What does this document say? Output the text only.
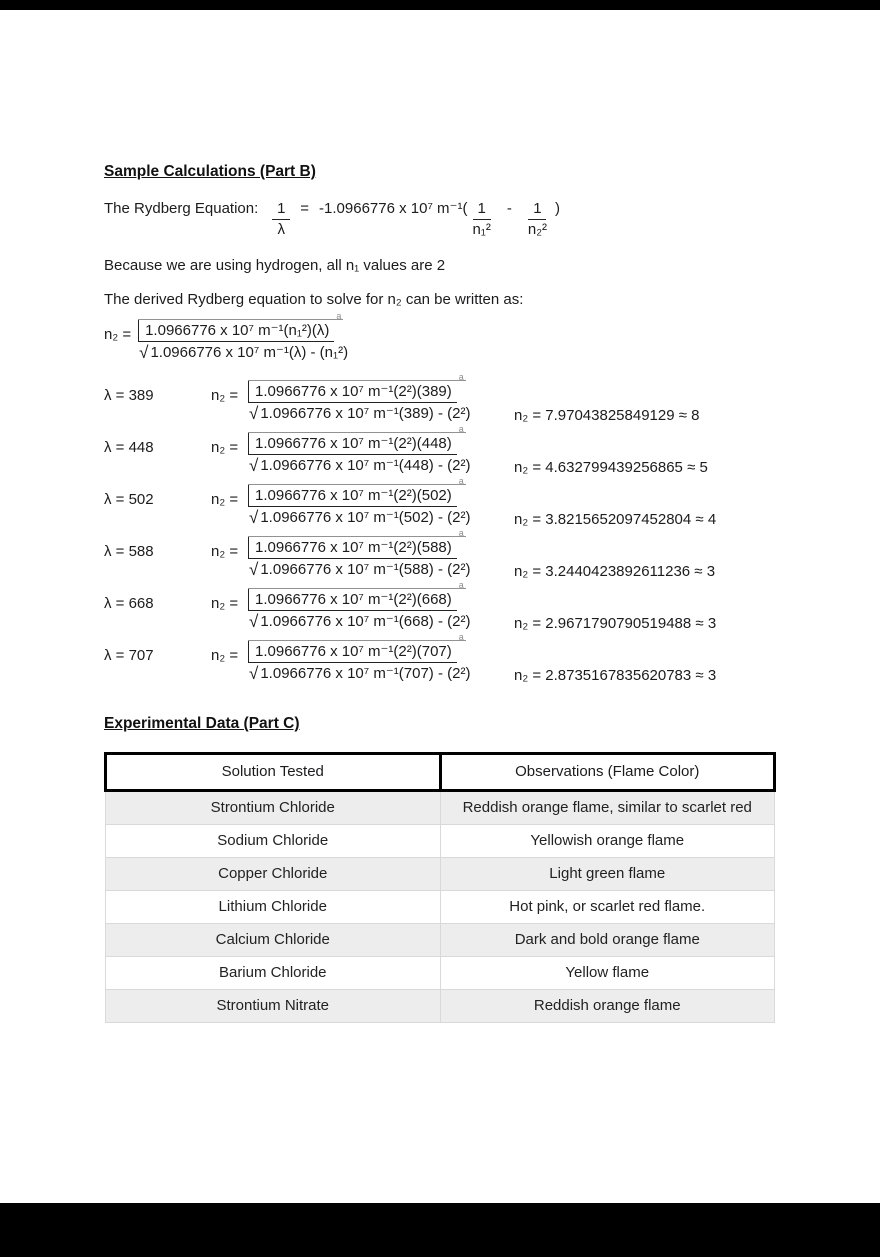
Sample Calculations (Part B)
The Rydberg Equation: $\frac{1}{\lambda} = -1.0966776$ x 10⁷ $m^{-1}( \frac{1}{\text{n₁²}} - \frac{1}{\text{n₂²}}$ )
Because we are using hydrogen, all n₁ values are 2
The derived Rydberg equation to solve for n₂ can be written as:
n₂ = 1.0966776 x 10⁷ m⁻¹(n₁²)(λ)
a
√ 1.0966776 x 10⁷ m⁻¹(λ) - (n₁²)
λ = 389	n₂ =	1.0966776 x 10⁷ m⁻¹(2²)(389)
a
√ 1.0966776 x 10⁷ m⁻¹(389) - (2²)	n₂ = 7.97043825849129 ≈ 8
λ = 448	n₂ =	1.0966776 x 10⁷ m⁻¹(2²)(448)
a
√ 1.0966776 x 10⁷ m⁻¹(448) - (2²)	n₂ = 4.632799439256865 ≈ 5
λ = 502	n₂ =	1.0966776 x 10⁷ m⁻¹(2²)(502)
a
√ 1.0966776 x 10⁷ m⁻¹(502) - (2²)	n₂ = 3.8215652097452804 ≈ 4
λ = 588	n₂ =	1.0966776 x 10⁷ m⁻¹(2²)(588)
a
√ 1.0966776 x 10⁷ m⁻¹(588) - (2²)	n₂ = 3.2440423892611236 ≈ 3
λ = 668	n₂ =	1.0966776 x 10⁷ m⁻¹(2²)(668)
a
√ 1.0966776 x 10⁷ m⁻¹(668) - (2²)	n₂ = 2.9671790790519488 ≈ 3
λ = 707	n₂ =	1.0966776 x 10⁷ m⁻¹(2²)(707)
a
√ 1.0966776 x 10⁷ m⁻¹(707) - (2²)	n₂ = 2.8735167835620783 ≈ 3
Experimental Data (Part C)
Solution Tested	Observations (Flame Color)
Strontium Chloride	Reddish orange flame, similar to scarlet red
Sodium Chloride	Yellowish orange flame
Copper Chloride	Light green flame
Lithium Chloride	Hot pink, or scarlet red flame.
Calcium Chloride	Dark and bold orange flame
Barium Chloride	Yellow flame
Strontium Nitrate	Reddish orange flame
